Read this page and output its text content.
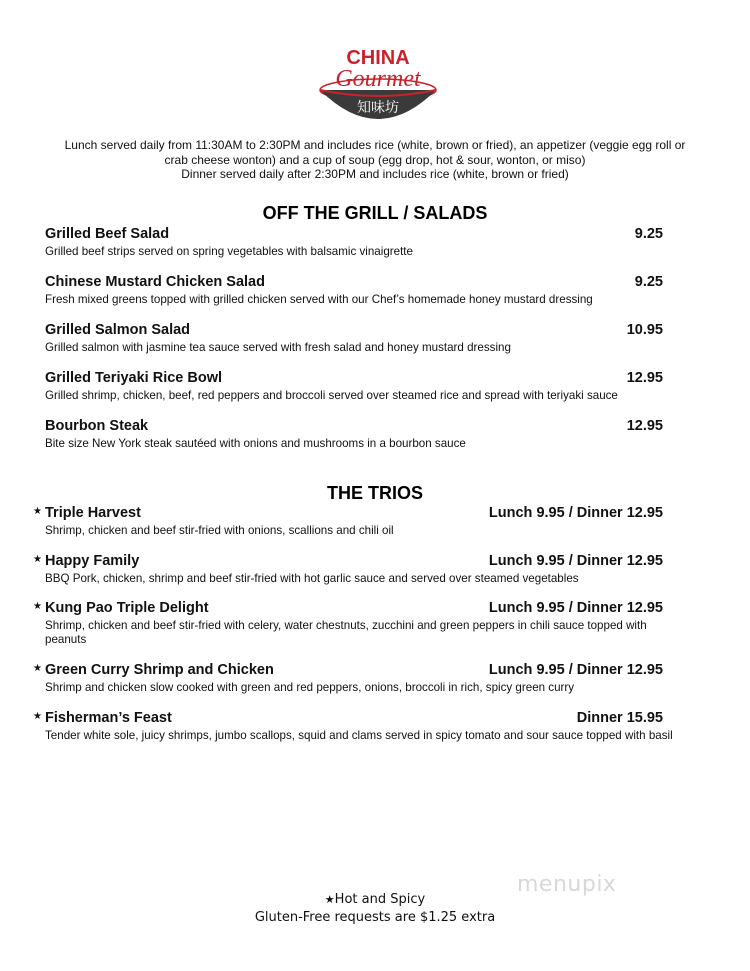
CHINA
Gourmet
知味坊
Lunch served daily from 11:30AM to 2:30PM and includes rice (white, brown or fried), an appetizer (veggie egg roll or
crab cheese wonton) and a cup of soup (egg drop, hot & sour, wonton, or miso)
Dinner served daily after 2:30PM and includes rice (white, brown or fried)
OFF THE GRILL / SALADS
Grilled Beef Salad	9.25
Grilled beef strips served on spring vegetables with balsamic vinaigrette
Chinese Mustard Chicken Salad	9.25
Fresh mixed greens topped with grilled chicken served with our Chef’s homemade honey mustard dressing
Grilled Salmon Salad	10.95
Grilled salmon with jasmine tea sauce served with fresh salad and honey mustard dressing
Grilled Teriyaki Rice Bowl	12.95
Grilled shrimp, chicken, beef, red peppers and broccoli served over steamed rice and spread with teriyaki sauce
Bourbon Steak	12.95
Bite size New York steak sautéed with onions and mushrooms in a bourbon sauce
THE TRIOS
★ Triple Harvest	Lunch 9.95 / Dinner 12.95
Shrimp, chicken and beef stir-fried with onions, scallions and chili oil
★ Happy Family	Lunch 9.95 / Dinner 12.95
BBQ Pork, chicken, shrimp and beef stir-fried with hot garlic sauce and served over steamed vegetables
★ Kung Pao Triple Delight	Lunch 9.95 / Dinner 12.95
Shrimp, chicken and beef stir-fried with celery, water chestnuts, zucchini and green peppers in chili sauce topped with peanuts
★ Green Curry Shrimp and Chicken	Lunch 9.95 / Dinner 12.95
Shrimp and chicken slow cooked with green and red peppers, onions, broccoli in rich, spicy green curry
★ Fisherman’s Feast	Dinner 15.95
Tender white sole, juicy shrimps, jumbo scallops, squid and clams served in spicy tomato and sour sauce topped with basil
menupix
★Hot and Spicy
Gluten-Free requests are $1.25 extra
